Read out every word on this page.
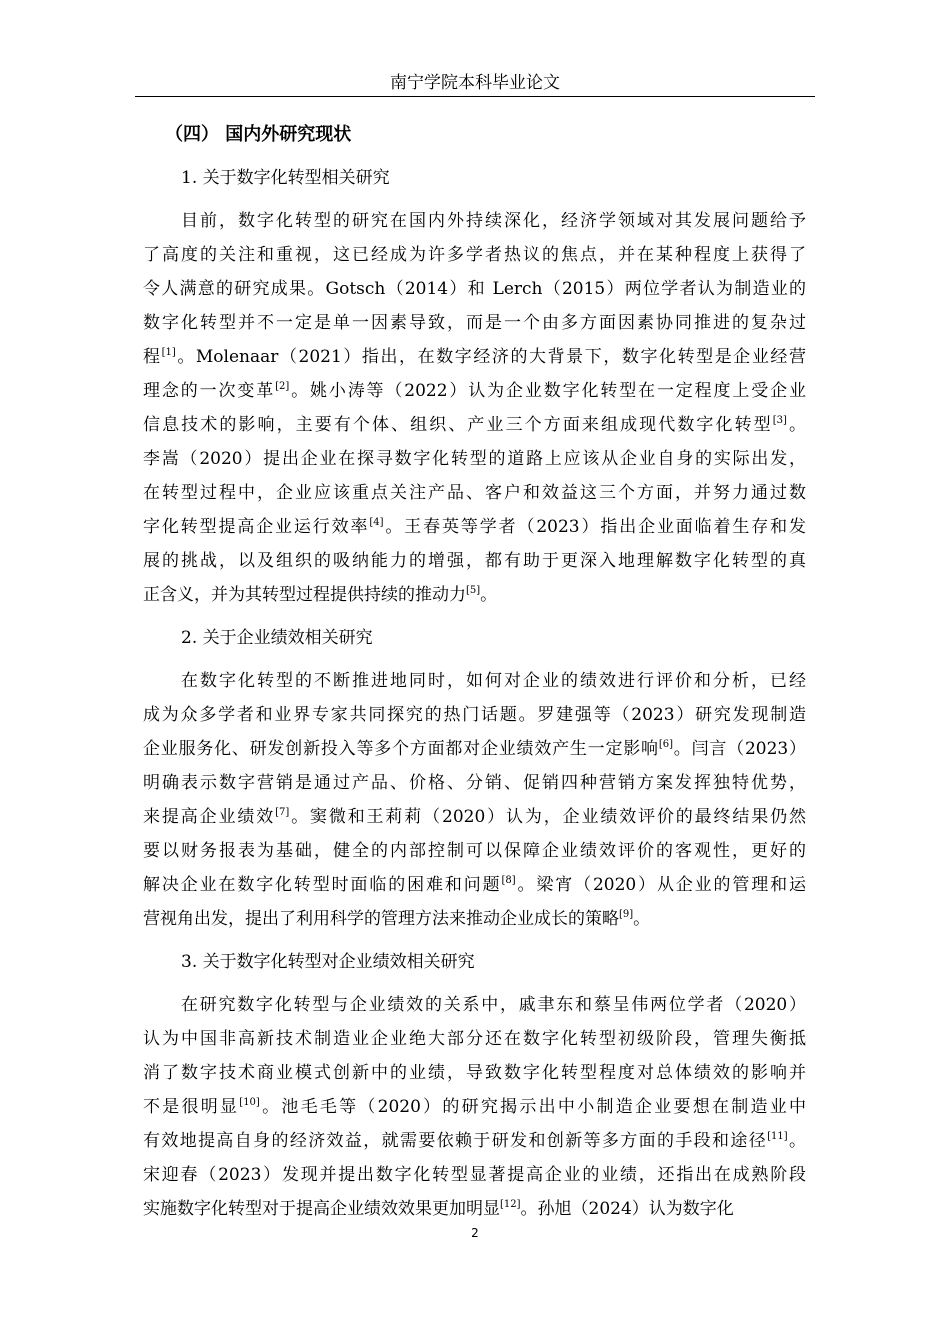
南宁学院本科毕业论文
（四） 国内外研究现状
1. 关于数字化转型相关研究
目前，数字化转型的研究在国内外持续深化，经济学领域对其发展问题给予
了高度的关注和重视，这已经成为许多学者热议的焦点，并在某种程度上获得了
令人满意的研究成果。Gotsch（2014）和 Lerch（2015）两位学者认为制造业的
数字化转型并不一定是单一因素导致，而是一个由多方面因素协同推进的复杂过
程[1]。Molenaar（2021）指出，在数字经济的大背景下，数字化转型是企业经营
理念的一次变革[2]。姚小涛等（2022）认为企业数字化转型在一定程度上受企业
信息技术的影响，主要有个体、组织、产业三个方面来组成现代数字化转型[3]。
李嵩（2020）提出企业在探寻数字化转型的道路上应该从企业自身的实际出发，
在转型过程中，企业应该重点关注产品、客户和效益这三个方面，并努力通过数
字化转型提高企业运行效率[4]。王春英等学者（2023）指出企业面临着生存和发
展的挑战，以及组织的吸纳能力的增强，都有助于更深入地理解数字化转型的真
正含义，并为其转型过程提供持续的推动力[5]。
2. 关于企业绩效相关研究
在数字化转型的不断推进地同时，如何对企业的绩效进行评价和分析，已经
成为众多学者和业界专家共同探究的热门话题。罗建强等（2023）研究发现制造
企业服务化、研发创新投入等多个方面都对企业绩效产生一定影响[6]。闫言（2023）
明确表示数字营销是通过产品、价格、分销、促销四种营销方案发挥独特优势，
来提高企业绩效[7]。窦微和王莉莉（2020）认为，企业绩效评价的最终结果仍然
要以财务报表为基础，健全的内部控制可以保障企业绩效评价的客观性，更好的
解决企业在数字化转型时面临的困难和问题[8]。梁宵（2020）从企业的管理和运
营视角出发，提出了利用科学的管理方法来推动企业成长的策略[9]。
3. 关于数字化转型对企业绩效相关研究
在研究数字化转型与企业绩效的关系中，戚聿东和蔡呈伟两位学者（2020）
认为中国非高新技术制造业企业绝大部分还在数字化转型初级阶段，管理失衡抵
消了数字技术商业模式创新中的业绩，导致数字化转型程度对总体绩效的影响并
不是很明显[10]。池毛毛等（2020）的研究揭示出中小制造企业要想在制造业中
有效地提高自身的经济效益，就需要依赖于研发和创新等多方面的手段和途径[11]。
宋迎春（2023）发现并提出数字化转型显著提高企业的业绩，还指出在成熟阶段
实施数字化转型对于提高企业绩效效果更加明显[12]。孙旭（2024）认为数字化
2
